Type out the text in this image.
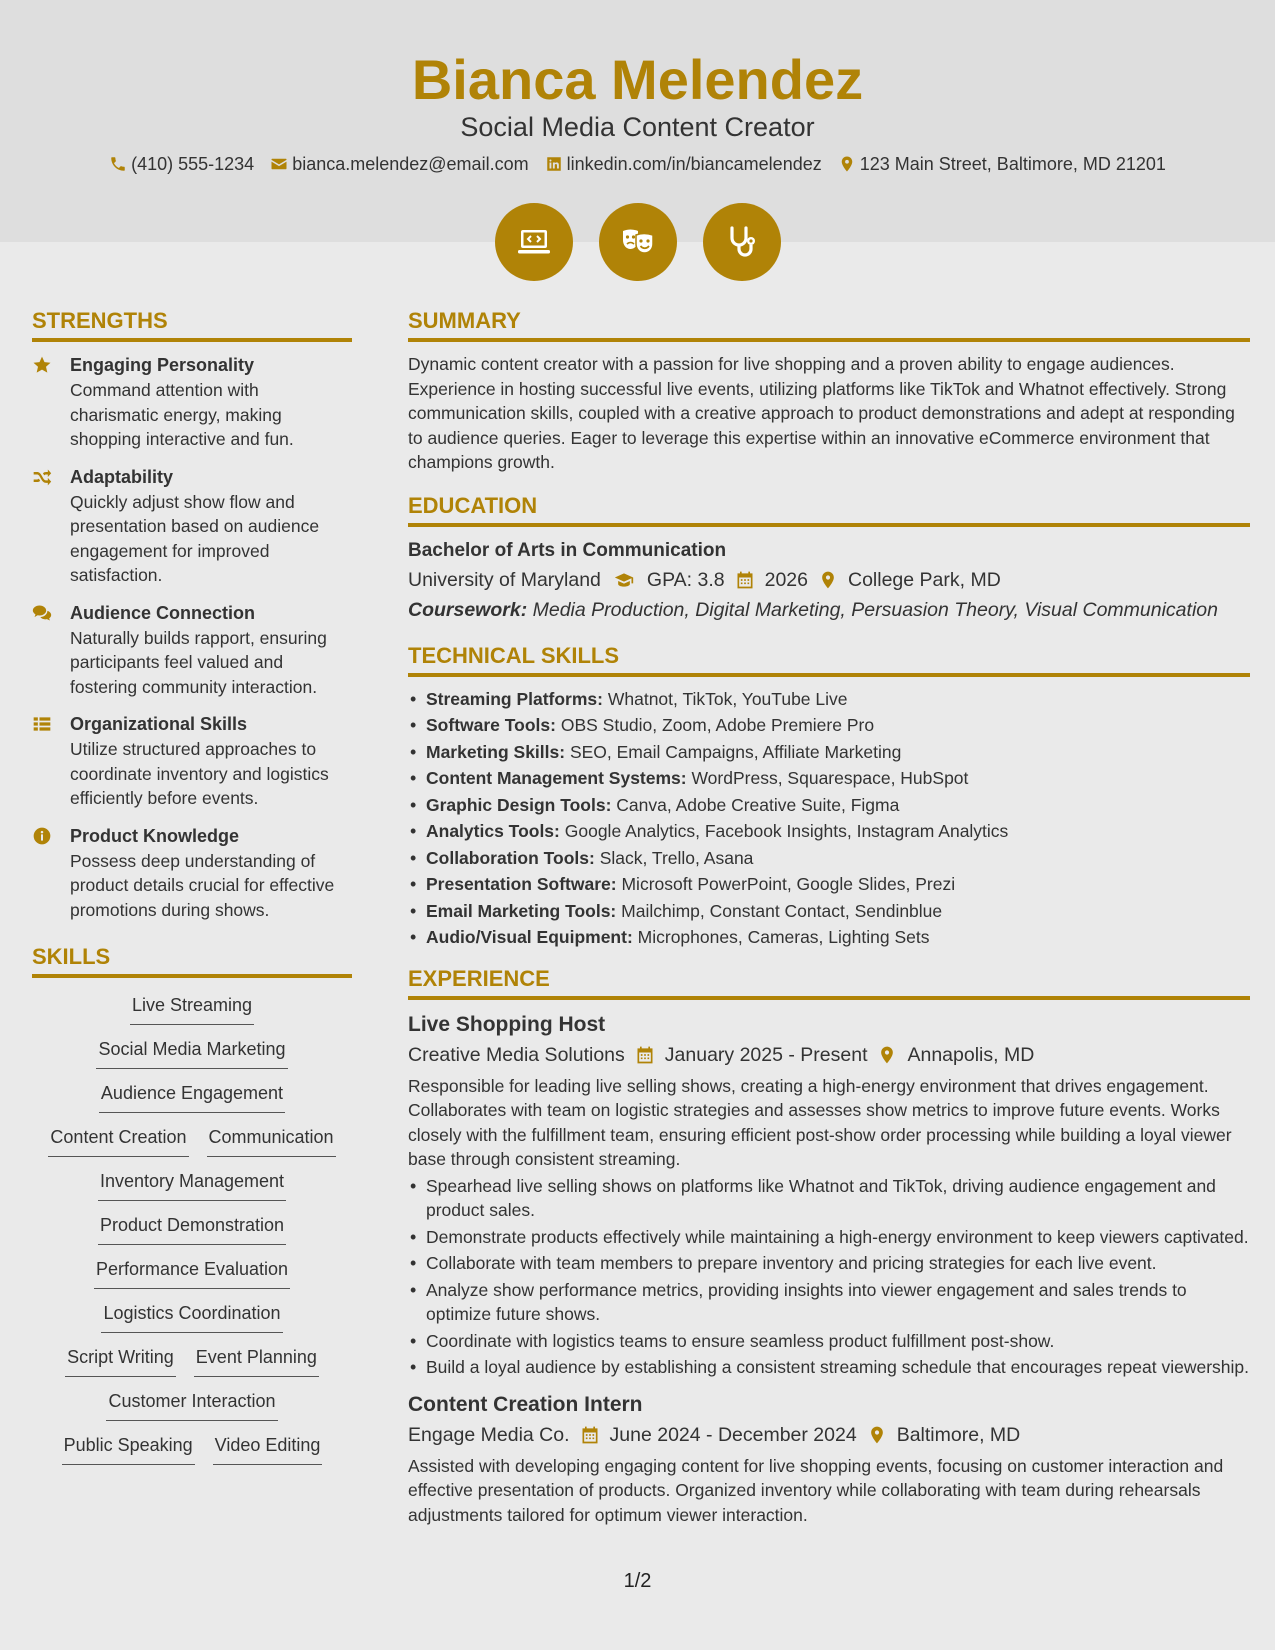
Bianca Melendez
Social Media Content Creator
(410) 555-1234 bianca.melendez@email.com linkedin.com/in/biancamelendez 123 Main Street, Baltimore, MD 21201
STRENGTHS
Engaging Personality
Command attention with charismatic energy, making shopping interactive and fun.
Adaptability
Quickly adjust show flow and presentation based on audience engagement for improved satisfaction.
Audience Connection
Naturally builds rapport, ensuring participants feel valued and fostering community interaction.
Organizational Skills
Utilize structured approaches to coordinate inventory and logistics efficiently before events.
Product Knowledge
Possess deep understanding of product details crucial for effective promotions during shows.
SKILLS
Live Streaming
Social Media Marketing
Audience Engagement
Content Creation Communication
Inventory Management
Product Demonstration
Performance Evaluation
Logistics Coordination
Script Writing Event Planning
Customer Interaction
Public Speaking Video Editing
SUMMARY
Dynamic content creator with a passion for live shopping and a proven ability to engage audiences. Experience in hosting successful live events, utilizing platforms like TikTok and Whatnot effectively. Strong communication skills, coupled with a creative approach to product demonstrations and adept at responding to audience queries. Eager to leverage this expertise within an innovative eCommerce environment that champions growth.
EDUCATION
Bachelor of Arts in Communication
University of Maryland GPA: 3.8 2026 College Park, MD
Coursework: Media Production, Digital Marketing, Persuasion Theory, Visual Communication
TECHNICAL SKILLS
• Streaming Platforms: Whatnot, TikTok, YouTube Live
• Software Tools: OBS Studio, Zoom, Adobe Premiere Pro
• Marketing Skills: SEO, Email Campaigns, Affiliate Marketing
• Content Management Systems: WordPress, Squarespace, HubSpot
• Graphic Design Tools: Canva, Adobe Creative Suite, Figma
• Analytics Tools: Google Analytics, Facebook Insights, Instagram Analytics
• Collaboration Tools: Slack, Trello, Asana
• Presentation Software: Microsoft PowerPoint, Google Slides, Prezi
• Email Marketing Tools: Mailchimp, Constant Contact, Sendinblue
• Audio/Visual Equipment: Microphones, Cameras, Lighting Sets
EXPERIENCE
Live Shopping Host
Creative Media Solutions January 2025 - Present Annapolis, MD
Responsible for leading live selling shows, creating a high-energy environment that drives engagement. Collaborates with team on logistic strategies and assesses show metrics to improve future events. Works closely with the fulfillment team, ensuring efficient post-show order processing while building a loyal viewer base through consistent streaming.
• Spearhead live selling shows on platforms like Whatnot and TikTok, driving audience engagement and product sales.
• Demonstrate products effectively while maintaining a high-energy environment to keep viewers captivated.
• Collaborate with team members to prepare inventory and pricing strategies for each live event.
• Analyze show performance metrics, providing insights into viewer engagement and sales trends to optimize future shows.
• Coordinate with logistics teams to ensure seamless product fulfillment post-show.
• Build a loyal audience by establishing a consistent streaming schedule that encourages repeat viewership.
Content Creation Intern
Engage Media Co. June 2024 - December 2024 Baltimore, MD
Assisted with developing engaging content for live shopping events, focusing on customer interaction and effective presentation of products. Organized inventory while collaborating with team during rehearsals adjustments tailored for optimum viewer interaction.
1/2
